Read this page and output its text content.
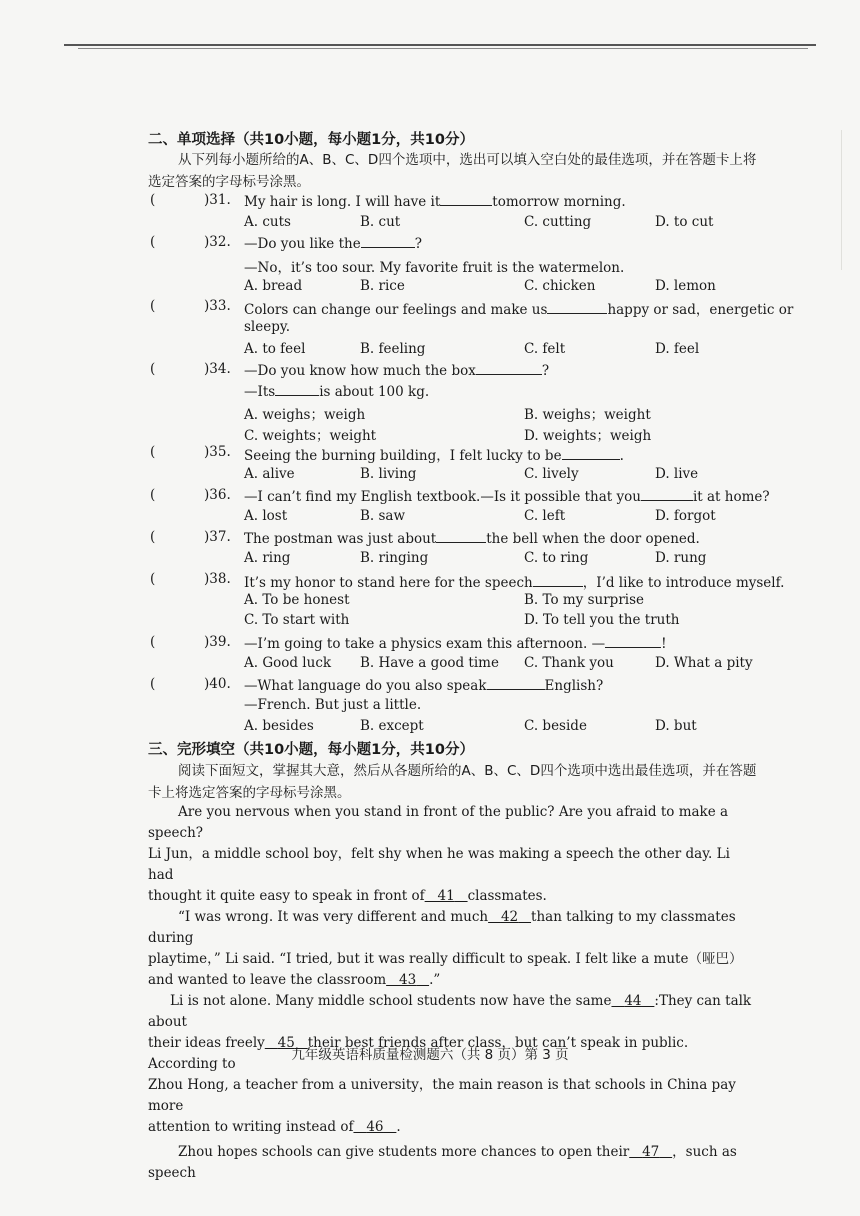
二、单项选择（共10小题，每小题1分，共10分）
从下列每小题所给的A、B、C、D四个选项中，选出可以填入空白处的最佳选项，并在答题卡上将选定答案的字母标号涂黑。
(	)31. My hair is long. I will have it	tomorrow morning.
A. cuts	B. cut	C. cutting	D. to cut
(	)32. —Do you like the	?
—No，it’s too sour. My favorite fruit is the watermelon.
A. bread	B. rice	C. chicken	D. lemon
(	)33. Colors can change our feelings and make us	happy or sad，energetic or
sleepy.
A. to feel	B. feeling	C. felt	D. feel
(	)34. —Do you know how much the box	?
—Its	is about 100 kg.
A. weighs；weigh	B. weighs；weight
C. weights；weight	D. weights；weigh
(	)35. Seeing the burning building，I felt lucky to be	.
A. alive	B. living	C. lively	D. live
(	)36. —I can’t find my English textbook.—Is it possible that you	it at home?
A. lost	B. saw	C. left	D. forgot
(	)37. The postman was just about	the bell when the door opened.
A. ring	B. ringing	C. to ring	D. rung
(	)38. It’s my honor to stand here for the speech	，I’d like to introduce myself.
A. To be honest	B. To my surprise
C. To start with	D. To tell you the truth
(	)39. —I’m going to take a physics exam this afternoon. —	!
A. Good luck B. Have a good time C. Thank you	D. What a pity
(	)40. —What language do you also speak	English?
—French. But just a little.
A. besides	B. except	C. beside	D. but
三、完形填空（共10小题，每小题1分，共10分）
阅读下面短文，掌握其大意，然后从各题所给的A、B、C、D四个选项中选出最佳选项，并在答题卡上将选定答案的字母标号涂黑。
Are you nervous when you stand in front of the public? Are you afraid to make a speech?
Li Jun，a middle school boy，felt shy when he was making a speech the other day. Li had
thought it quite easy to speak in front of 41 classmates.
“I was wrong. It was very different and much 42 than talking to my classmates during
playtime，” Li said. “I tried, but it was really difficult to speak. I felt like a mute（哑巴）
and wanted to leave the classroom 43 .”
Li is not alone. Many middle school students now have the same 44 :They can talk about
their ideas freely 45 their best friends after class，but can’t speak in public. According to
Zhou Hong, a teacher from a university，the main reason is that schools in China pay more
attention to writing instead of 46 .
Zhou hopes schools can give students more chances to open their 47 ，such as speech
九年级英语科质量检测题六（共 8 页）第 3 页
